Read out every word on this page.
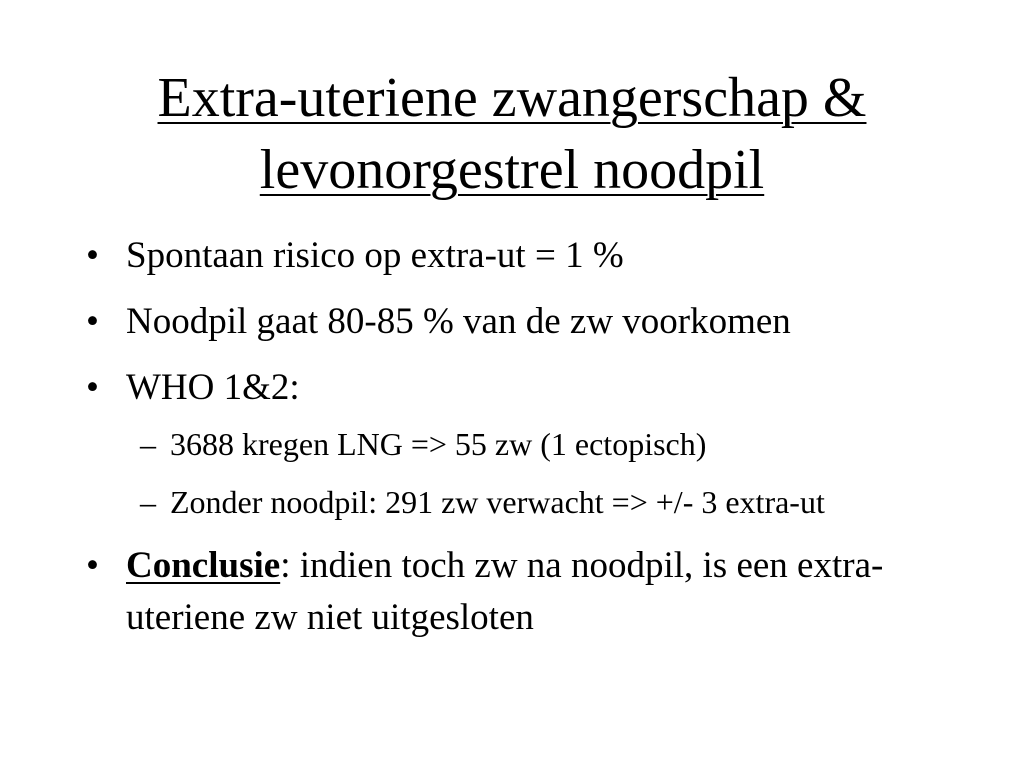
Extra-uteriene zwangerschap &
levonorgestrel noodpil
• Spontaan risico op extra-ut = 1 %
• Noodpil gaat 80-85 % van de zw voorkomen
• WHO 1&2:
– 3688 kregen LNG => 55 zw (1 ectopisch)
– Zonder noodpil: 291 zw verwacht => +/- 3 extra-ut
• Conclusie: indien toch zw na noodpil, is een extra-uteriene zw niet uitgesloten
